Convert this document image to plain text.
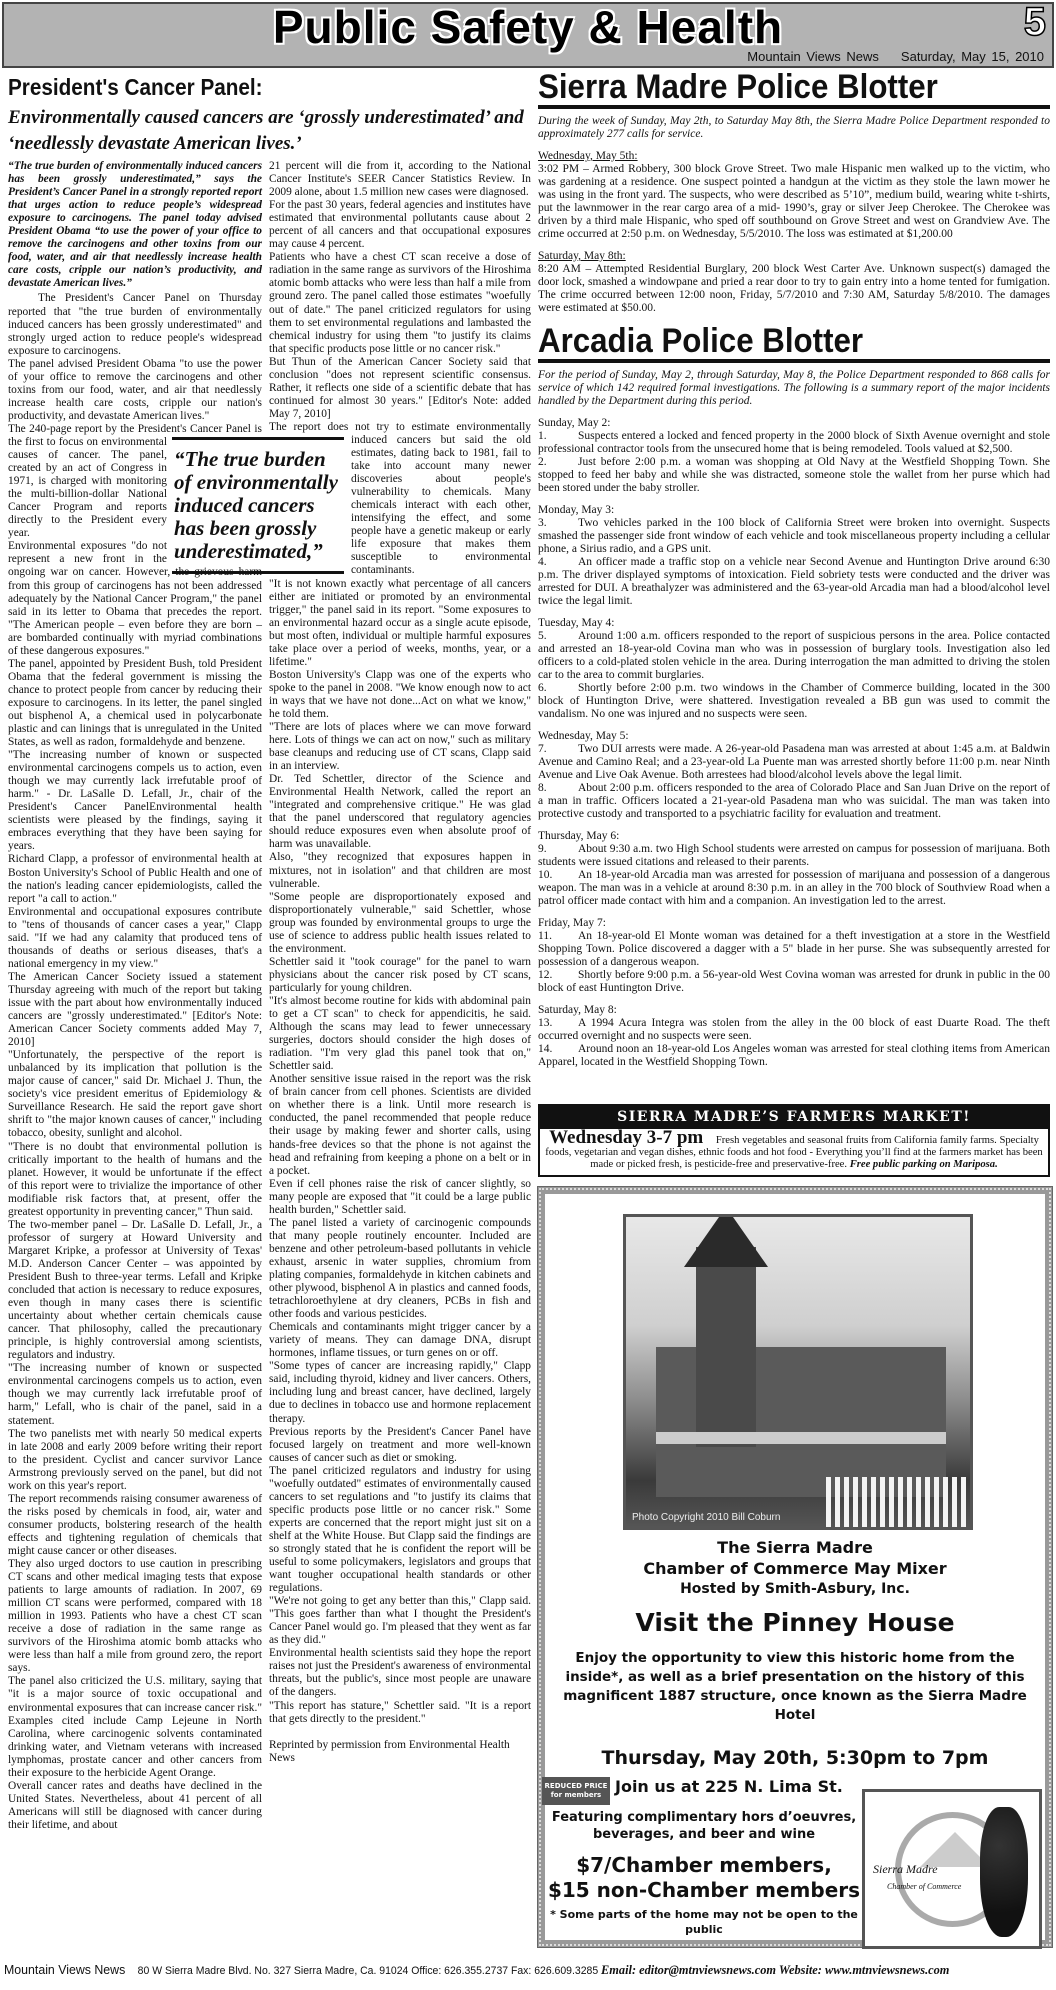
Public Safety & Health	5
Mountain Views News Saturday, May 15, 2010
President's Cancer Panel:
Environmentally caused cancers are ‘grossly underestimated’ and ‘needlessly devastate American lives.’

“The true burden of environmentally induced cancers has been grossly underestimated,” says the President’s Cancer Panel in a strongly reported report that urges action to reduce people’s widespread exposure to carcinogens. The panel today advised President Obama “to use the power of your office to remove the carcinogens and other toxins from our food, water, and air that needlessly increase health care costs, cripple our nation’s productivity, and devastate American lives.”

The President's Cancer Panel on Thursday reported that "the true burden of environmentally induced cancers has been grossly underestimated" and strongly urged action to reduce people's widespread exposure to carcinogens.

The panel advised President Obama "to use the power of your office to remove the carcinogens and other toxins from our food, water, and air that needlessly increase health care costs, cripple our nation's productivity, and devastate American lives."

The 240-page report by the President's Cancer Panel is the first to focus on environmental causes of cancer. The panel, created by an act of Congress in 1971, is charged with monitoring the multi-billion-dollar National Cancer Program and reports directly to the President every year.

Environmental exposures "do not represent a new front in the ongoing war on cancer. However, the grievous harm from this group of carcinogens has not been addressed adequately by the National Cancer Program," the panel said in its letter to Obama that precedes the report. "The American people – even before they are born – are bombarded continually with myriad combinations of these dangerous exposures."

The panel, appointed by President Bush, told President Obama that the federal government is missing the chance to protect people from cancer by reducing their exposure to carcinogens. In its letter, the panel singled out bisphenol A, a chemical used in polycarbonate plastic and can linings that is unregulated in the United States, as well as radon, formaldehyde and benzene.

"The increasing number of known or suspected environmental carcinogens compels us to action, even though we may currently lack irrefutable proof of harm." - Dr. LaSalle D. Lefall, Jr., chair of the President's Cancer PanelEnvironmental health scientists were pleased by the findings, saying it embraces everything that they have been saying for years.

Richard Clapp, a professor of environmental health at Boston University's School of Public Health and one of the nation's leading cancer epidemiologists, called the report "a call to action."

Environmental and occupational exposures contribute to "tens of thousands of cancer cases a year," Clapp said. "If we had any calamity that produced tens of thousands of deaths or serious diseases, that's a national emergency in my view."

The American Cancer Society issued a statement Thursday agreeing with much of the report but taking issue with the part about how environmentally induced cancers are "grossly underestimated." [Editor's Note: American Cancer Society comments added May 7, 2010]

"Unfortunately, the perspective of the report is unbalanced by its implication that pollution is the major cause of cancer," said Dr. Michael J. Thun, the society's vice president emeritus of Epidemiology & Surveillance Research. He said the report gave short shrift to "the major known causes of cancer," including tobacco, obesity, sunlight and alcohol.

"There is no doubt that environmental pollution is critically important to the health of humans and the planet. However, it would be unfortunate if the effect of this report were to trivialize the importance of other modifiable risk factors that, at present, offer the greatest opportunity in preventing cancer," Thun said.

The two-member panel – Dr. LaSalle D. Lefall, Jr., a professor of surgery at Howard University and Margaret Kripke, a professor at University of Texas' M.D. Anderson Cancer Center – was appointed by President Bush to three-year terms. Lefall and Kripke concluded that action is necessary to reduce exposures, even though in many cases there is scientific uncertainty about whether certain chemicals cause cancer. That philosophy, called the precautionary principle, is highly controversial among scientists, regulators and industry.

"The increasing number of known or suspected environmental carcinogens compels us to action, even though we may currently lack irrefutable proof of harm," Lefall, who is chair of the panel, said in a statement.

The two panelists met with nearly 50 medical experts in late 2008 and early 2009 before writing their report to the president. Cyclist and cancer survivor Lance Armstrong previously served on the panel, but did not work on this year's report.

The report recommends raising consumer awareness of the risks posed by chemicals in food, air, water and consumer products, bolstering research of the health effects and tightening regulation of chemicals that might cause cancer or other diseases.

They also urged doctors to use caution in prescribing CT scans and other medical imaging tests that expose patients to large amounts of radiation. In 2007, 69 million CT scans were performed, compared with 18 million in 1993. Patients who have a chest CT scan receive a dose of radiation in the same range as survivors of the Hiroshima atomic bomb attacks who were less than half a mile from ground zero, the report says.

The panel also criticized the U.S. military, saying that "it is a major source of toxic occupational and environmental exposures that can increase cancer risk." Examples cited include Camp Lejeune in North Carolina, where carcinogenic solvents contaminated drinking water, and Vietnam veterans with increased lymphomas, prostate cancer and other cancers from their exposure to the herbicide Agent Orange.

Overall cancer rates and deaths have declined in the United States. Nevertheless, about 41 percent of all Americans will still be diagnosed with cancer during their lifetime, and about

21 percent will die from it, according to the National Cancer Institute's SEER Cancer Statistics Review. In 2009 alone, about 1.5 million new cases were diagnosed.

For the past 30 years, federal agencies and institutes have estimated that environmental pollutants cause about 2 percent of all cancers and that occupational exposures may cause 4 percent.

Patients who have a chest CT scan receive a dose of radiation in the same range as survivors of the Hiroshima atomic bomb attacks who were less than half a mile from ground zero. The panel called those estimates "woefully out of date." The panel criticized regulators for using them to set environmental regulations and lambasted the chemical industry for using them "to justify its claims that specific products pose little or no cancer risk."

But Thun of the American Cancer Society said that conclusion "does not represent scientific consensus. Rather, it reflects one side of a scientific debate that has continued for almost 30 years." [Editor's Note: added May 7, 2010]

The report does not try to estimate environmentally induced cancers but said the old estimates, dating back to 1981, fail to take into account many newer discoveries about people's vulnerability to chemicals. Many chemicals interact with each other, intensifying the effect, and some people have a genetic makeup or early life exposure that makes them susceptible to environmental contaminants.

"It is not known exactly what percentage of all cancers either are initiated or promoted by an environmental trigger," the panel said in its report. "Some exposures to an environmental hazard occur as a single acute episode, but most often, individual or multiple harmful exposures take place over a period of weeks, months, year, or a lifetime."

Boston University's Clapp was one of the experts who spoke to the panel in 2008. "We know enough now to act in ways that we have not done...Act on what we know," he told them.

"There are lots of places where we can move forward here. Lots of things we can act on now," such as military base cleanups and reducing use of CT scans, Clapp said in an interview.

Dr. Ted Schettler, director of the Science and Environmental Health Network, called the report an "integrated and comprehensive critique." He was glad that the panel underscored that regulatory agencies should reduce exposures even when absolute proof of harm was unavailable.

Also, "they recognized that exposures happen in mixtures, not in isolation" and that children are most vulnerable.

"Some people are disproportionately exposed and disproportionately vulnerable," said Schettler, whose group was founded by environmental groups to urge the use of science to address public health issues related to the environment.

Schettler said it "took courage" for the panel to warn physicians about the cancer risk posed by CT scans, particularly for young children.

"It's almost become routine for kids with abdominal pain to get a CT scan" to check for appendicitis, he said. Although the scans may lead to fewer unnecessary surgeries, doctors should consider the high doses of radiation. "I'm very glad this panel took that on," Schettler said.

Another sensitive issue raised in the report was the risk of brain cancer from cell phones. Scientists are divided on whether there is a link. Until more research is conducted, the panel recommended that people reduce their usage by making fewer and shorter calls, using hands-free devices so that the phone is not against the head and refraining from keeping a phone on a belt or in a pocket.

Even if cell phones raise the risk of cancer slightly, so many people are exposed that "it could be a large public health burden," Schettler said.

The panel listed a variety of carcinogenic compounds that many people routinely encounter. Included are benzene and other petroleum-based pollutants in vehicle exhaust, arsenic in water supplies, chromium from plating companies, formaldehyde in kitchen cabinets and other plywood, bisphenol A in plastics and canned foods, tetrachloroethylene at dry cleaners, PCBs in fish and other foods and various pesticides.

Chemicals and contaminants might trigger cancer by a variety of means. They can damage DNA, disrupt hormones, inflame tissues, or turn genes on or off.

"Some types of cancer are increasing rapidly," Clapp said, including thyroid, kidney and liver cancers. Others, including lung and breast cancer, have declined, largely due to declines in tobacco use and hormone replacement therapy.

Previous reports by the President's Cancer Panel have focused largely on treatment and more well-known causes of cancer such as diet or smoking.

The panel criticized regulators and industry for using "woefully outdated" estimates of environmentally caused cancers to set regulations and "to justify its claims that specific products pose little or no cancer risk." Some experts are concerned that the report might just sit on a shelf at the White House. But Clapp said the findings are so strongly stated that he is confident the report will be useful to some policymakers, legislators and groups that want tougher occupational health standards or other regulations.

"We're not going to get any better than this," Clapp said. "This goes farther than what I thought the President's Cancer Panel would go. I'm pleased that they went as far as they did."

Environmental health scientists said they hope the report raises not just the President's awareness of environmental threats, but the public's, since most people are unaware of the dangers.

"This report has stature," Schettler said. "It is a report that gets directly to the president."

Reprinted by permission from Environmental Health News

“The true burden of environmentally induced cancers has been grossly underestimated,”
Sierra Madre Police Blotter
During the week of Sunday, May 2th, to Saturday May 8th, the Sierra Madre Police Department responded to approximately 277 calls for service.
Wednesday, May 5th:
3:02 PM – Armed Robbery, 300 block Grove Street. Two male Hispanic men walked up to the victim, who was gardening at a residence. One suspect pointed a handgun at the victim as they stole the lawn mower he was using in the front yard. The suspects, who were described as 5’10”, medium build, wearing white t-shirts, put the lawnmower in the rear cargo area of a mid- 1990’s, gray or silver Jeep Cherokee. The Cherokee was driven by a third male Hispanic, who sped off southbound on Grove Street and west on Grandview Ave. The crime occurred at 2:50 p.m. on Wednesday, 5/5/2010. The loss was estimated at $1,200.00
Saturday, May 8th:
8:20 AM – Attempted Residential Burglary, 200 block West Carter Ave. Unknown suspect(s) damaged the door lock, smashed a windowpane and pried a rear door to try to gain entry into a home tented for fumigation. The crime occurred between 12:00 noon, Friday, 5/7/2010 and 7:30 AM, Saturday 5/8/2010. The damages were estimated at $50.00.
Arcadia Police Blotter
For the period of Sunday, May 2, through Saturday, May 8, the Police Department responded to 868 calls for service of which 142 required formal investigations. The following is a summary report of the major incidents handled by the Department during this period.
Sunday, May 2:
1.	Suspects entered a locked and fenced property in the 2000 block of Sixth Avenue overnight and stole professional contractor tools from the unsecured home that is being remodeled. Tools valued at $2,500.
2.	Just before 2:00 p.m. a woman was shopping at Old Navy at the Westfield Shopping Town. She stopped to feed her baby and while she was distracted, someone stole the wallet from her purse which had been stored under the baby stroller.
Monday, May 3:
3.	Two vehicles parked in the 100 block of California Street were broken into overnight. Suspects smashed the passenger side front window of each vehicle and took miscellaneous property including a cellular phone, a Sirius radio, and a GPS unit.
4.	An officer made a traffic stop on a vehicle near Second Avenue and Huntington Drive around 6:30 p.m. The driver displayed symptoms of intoxication. Field sobriety tests were conducted and the driver was arrested for DUI. A breathalyzer was administered and the 63-year-old Arcadia man had a blood/alcohol level twice the legal limit.
Tuesday, May 4:
5.	Around 1:00 a.m. officers responded to the report of suspicious persons in the area. Police contacted and arrested an 18-year-old Covina man who was in possession of burglary tools. Investigation also led officers to a cold-plated stolen vehicle in the area. During interrogation the man admitted to driving the stolen car to the area to commit burglaries.
6.	Shortly before 2:00 p.m. two windows in the Chamber of Commerce building, located in the 300 block of Huntington Drive, were shattered. Investigation revealed a BB gun was used to commit the vandalism. No one was injured and no suspects were seen.
Wednesday, May 5:
7.	Two DUI arrests were made. A 26-year-old Pasadena man was arrested at about 1:45 a.m. at Baldwin Avenue and Camino Real; and a 23-year-old La Puente man was arrested shortly before 11:00 p.m. near Ninth Avenue and Live Oak Avenue. Both arrestees had blood/alcohol levels above the legal limit.
8.	About 2:00 p.m. officers responded to the area of Colorado Place and San Juan Drive on the report of a man in traffic. Officers located a 21-year-old Pasadena man who was suicidal. The man was taken into protective custody and transported to a psychiatric facility for evaluation and treatment.
Thursday, May 6:
9.	About 9:30 a.m. two High School students were arrested on campus for possession of marijuana. Both students were issued citations and released to their parents.
10. An 18-year-old Arcadia man was arrested for possession of marijuana and possession of a dangerous weapon. The man was in a vehicle at around 8:30 p.m. in an alley in the 700 block of Southview Road when a patrol officer made contact with him and a companion. An investigation led to the arrest.
Friday, May 7:
11. An 18-year-old El Monte woman was detained for a theft investigation at a store in the Westfield Shopping Town. Police discovered a dagger with a 5" blade in her purse. She was subsequently arrested for possession of a dangerous weapon.
12. Shortly before 9:00 p.m. a 56-year-old West Covina woman was arrested for drunk in public in the 00 block of east Huntington Drive.
Saturday, May 8:
13. A 1994 Acura Integra was stolen from the alley in the 00 block of east Duarte Road. The theft occurred overnight and no suspects were seen.
14. Around noon an 18-year-old Los Angeles woman was arrested for steal clothing items from American Apparel, located in the Westfield Shopping Town.
SIERRA MADRE’S FARMERS MARKET!
Wednesday 3-7 pm Fresh vegetables and seasonal fruits from California family farms. Specialty foods, vegetarian and vegan dishes, ethnic foods and hot food - Everything you’ll find at the farmers market has been made or picked fresh, is pesticide-free and preservative-free. Free public parking on Mariposa.
Photo Copyright 2010 Bill Coburn
The Sierra Madre
Chamber of Commerce May Mixer
Hosted by Smith-Asbury, Inc.
Visit the Pinney House
Enjoy the opportunity to view this historic home from the inside*, as well as a brief presentation on the history of this magnificent 1887 structure, once known as the Sierra Madre Hotel
Thursday, May 20th, 5:30pm to 7pm
REDUCED PRICE
for members Join us at 225 N. Lima St.
Featuring complimentary hors d’oeuvres, beverages, and beer and wine
$7/Chamber members,
$15 non-Chamber members
* Some parts of the home may not be open to the public
Sierra Madre
Chamber of Commerce
Mountain Views News 80 W Sierra Madre Blvd. No. 327 Sierra Madre, Ca. 91024 Office: 626.355.2737 Fax: 626.609.3285 Email: editor@mtnviewsnews.com Website: www.mtnviewsnews.com
